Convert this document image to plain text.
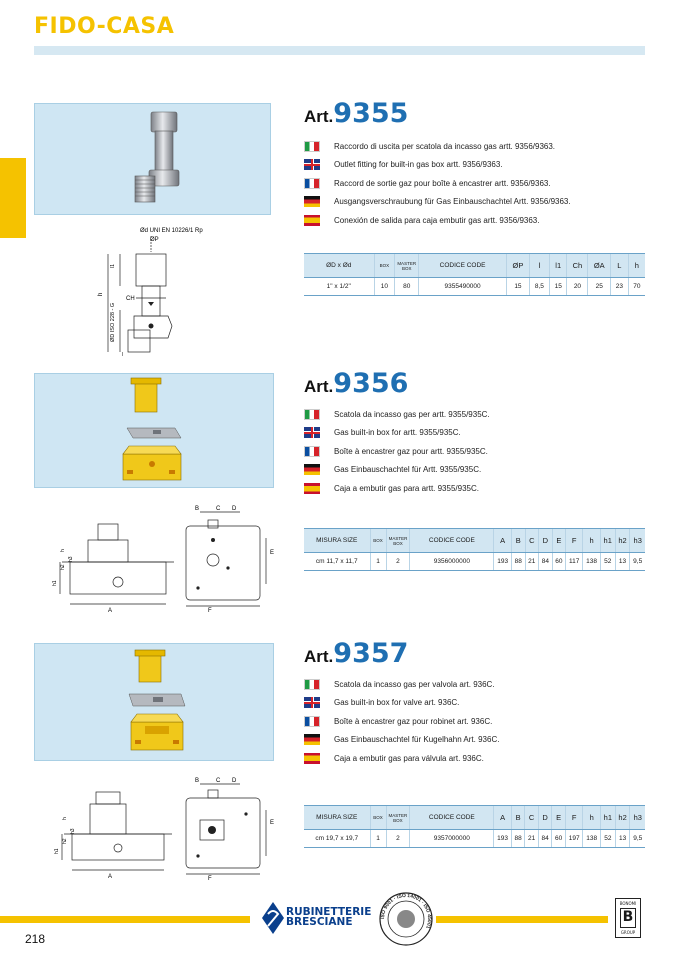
FIDO-CASA
Art.9355
Raccordo di uscita per scatola da incasso gas artt. 9356/9363.
Outlet fitting for built-in gas box artt. 9356/9363.
Raccord de sortie gaz pour boîte à encastrer artt. 9356/9363.
Ausgangsverschraubung für Gas Einbauschachtel Artt. 9356/9363.
Conexión de salida para caja embutir gas artt. 9356/9363.
Ød UNI EN 10226/1 Rp
ØP
l1
h
CH
ØD ISO 228 - G
l
ØD x Ød	BOX	MASTER BOX	CODICE CODE	ØP	l	l1	Ch	ØA	L	h
1" x 1/2"	10	80	9355490000	15	8,5	15	20	25	23	70
Art.9356
Scatola da incasso gas per artt. 9355/935C.
Gas built-in box for artt. 9355/935C.
Boîte à encastrer gaz pour artt. 9355/935C.
Gas Einbauschachtel für Artt. 9355/935C.
Caja a embutir gas para artt. 9355/935C.
B	C D
E
F
A
h
h1
h2
h3
MISURA SIZE	BOX	MASTER BOX	CODICE CODE	A	B	C	D	E	F	h	h1	h2	h3
cm 11,7 x 11,7	1	2	9356000000	193	88	21	84	60	117	138	52	13	9,5
Art.9357
Scatola da incasso gas per valvola art. 936C.
Gas built-in box for valve art. 936C.
Boîte à encastrer gaz pour robinet art. 936C.
Gas Einbauschachtel für Kugelhahn Art. 936C.
Caja a embutir gas para válvula art. 936C.
B	C D
E
F
A
h
h1
h2
h3
MISURA SIZE	BOX	MASTER BOX	CODICE CODE	A	B	C	D	E	F	h	h1	h2	h3
cm 19,7 x 19,7	1	2	9357000000	193	88	21	84	60	197	138	52	13	9,5
218
RUBINETTERIE
BRESCIANE	ISO 9001 · ISO 14001 · ISO 45001
BONOMI
B
GROUP
